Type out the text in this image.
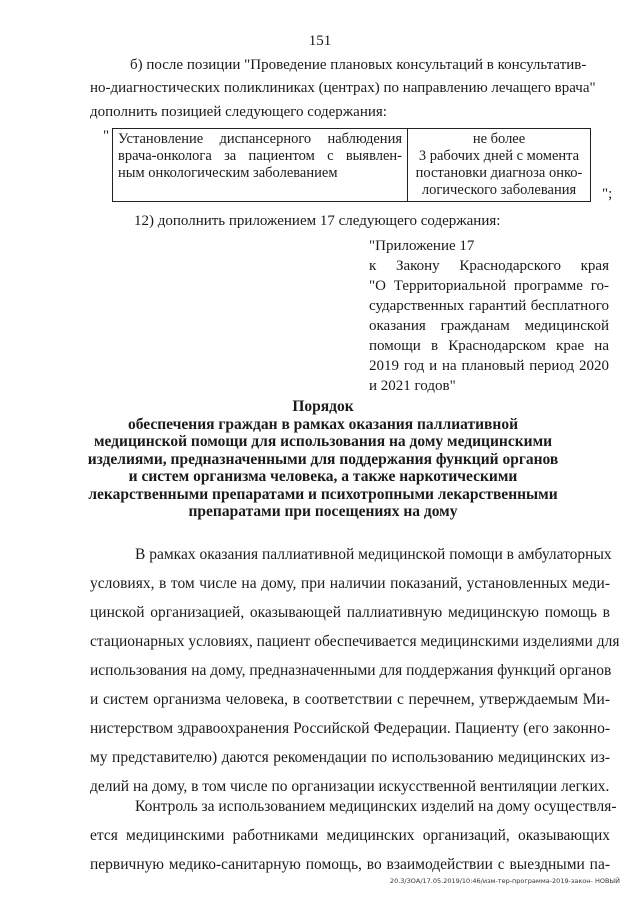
151
б) после позиции "Проведение плановых консультаций в консультатив-
но-диагностических поликлиниках (центрах) по направлению лечащего врача"
дополнить позицией следующего содержания:
" Установление диспансерного наблюдения
врача-онколога за пациентом с выявлен-
ным онкологическим заболеванием
не более
3 рабочих дней с момента
постановки диагноза онко-
логического заболевания	";
12) дополнить приложением 17 следующего содержания:
"Приложение 17
к Закону Краснодарского края
"О Территориальной программе го-
сударственных гарантий бесплатного
оказания гражданам медицинской
помощи в Краснодарском крае на
2019 год и на плановый период 2020
и 2021 годов"
Порядок
обеспечения граждан в рамках оказания паллиативной
медицинской помощи для использования на дому медицинскими
изделиями, предназначенными для поддержания функций органов
и систем организма человека, а также наркотическими
лекарственными препаратами и психотропными лекарственными
препаратами при посещениях на дому
В рамках оказания паллиативной медицинской помощи в амбулаторных
условиях, в том числе на дому, при наличии показаний, установленных меди-
цинской организацией, оказывающей паллиативную медицинскую помощь в
стационарных условиях, пациент обеспечивается медицинскими изделиями для
использования на дому, предназначенными для поддержания функций органов
и систем организма человека, в соответствии с перечнем, утверждаемым Ми-
нистерством здравоохранения Российской Федерации. Пациенту (его законно-
му представителю) даются рекомендации по использованию медицинских из-
делий на дому, в том числе по организации искусственной вентиляции легких.
Контроль за использованием медицинских изделий на дому осуществля-
ется медицинскими работниками медицинских организаций, оказывающих
первичную медико-санитарную помощь, во взаимодействии с выездными па-
20.3/ЗОА/17.05.2019/10:46/изм-тер-программа-2019-закон- НОВЫЙ
